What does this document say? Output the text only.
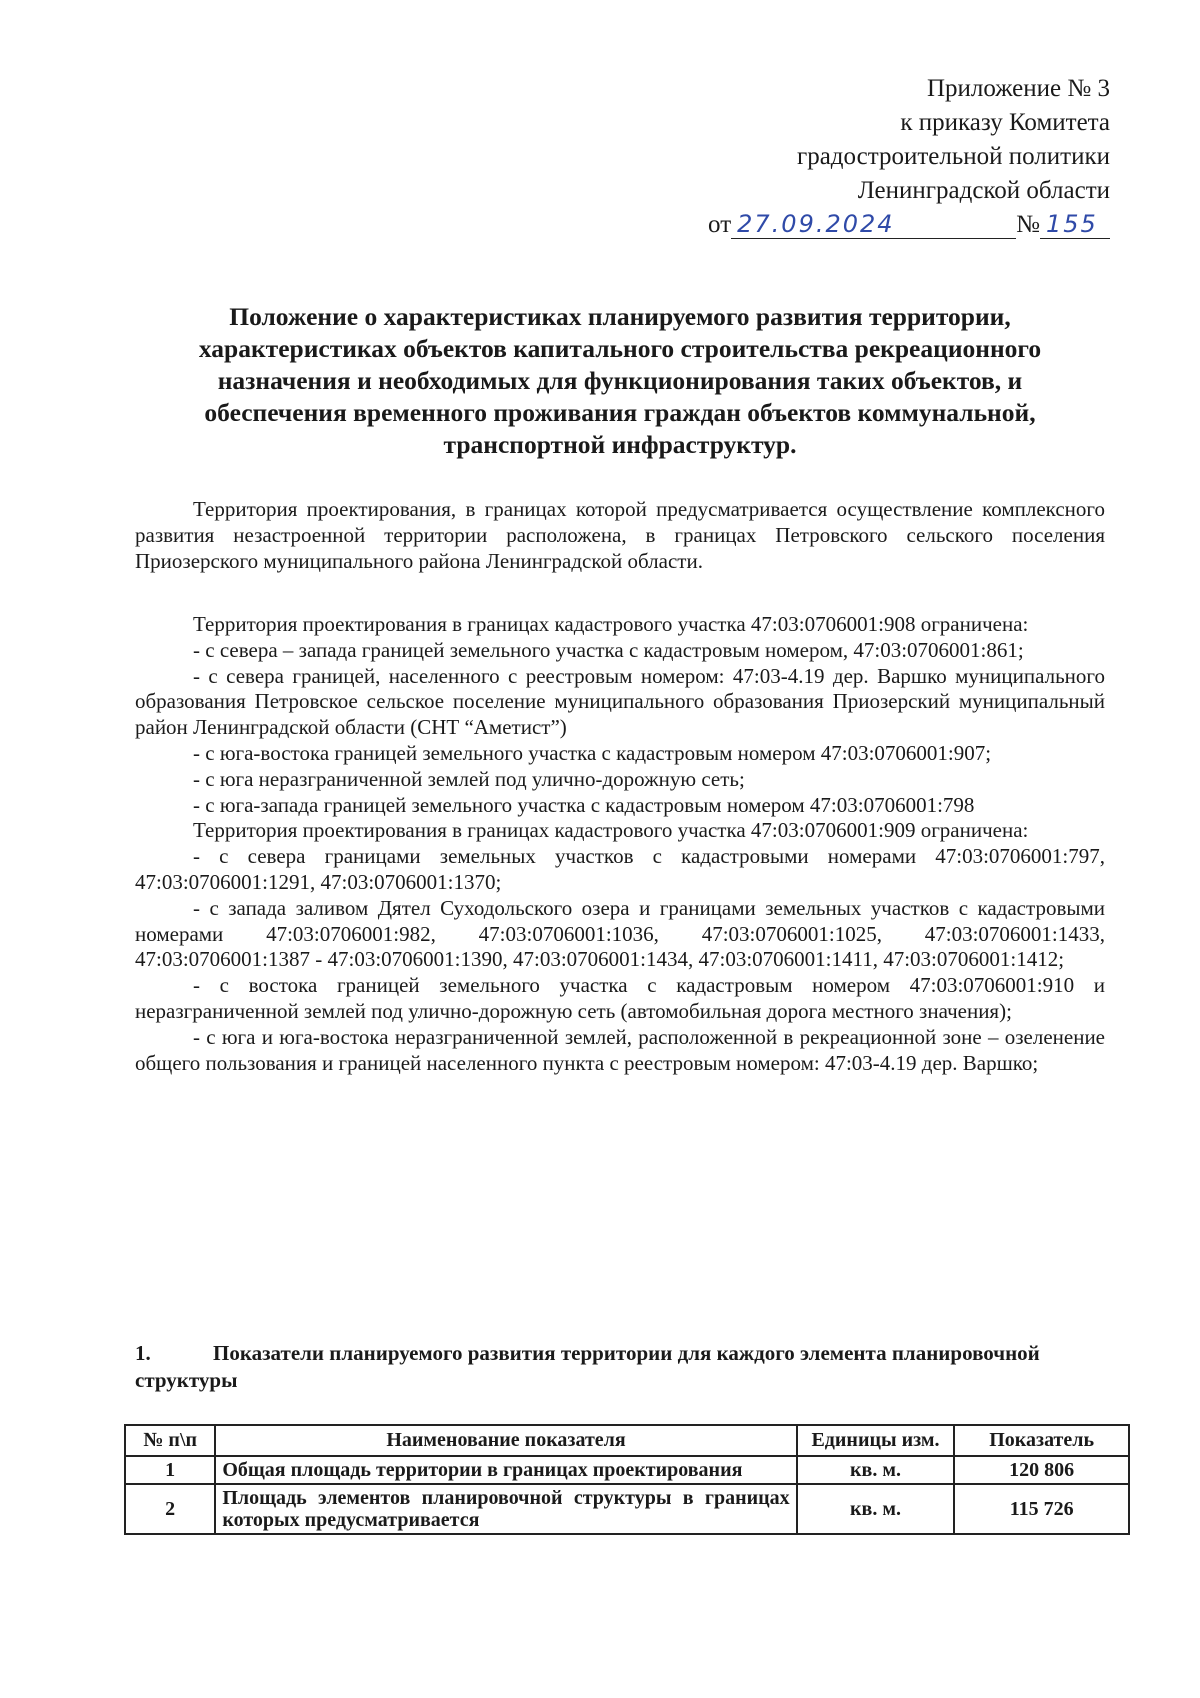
Приложение № 3
к приказу Комитета
градостроительной политики
Ленинградской области
от 27.09.2024	№ 155
Положение о характеристиках планируемого развития территории,
характеристиках объектов капитального строительства рекреационного
назначения и необходимых для функционирования таких объектов, и
обеспечения временного проживания граждан объектов коммунальной,
транспортной инфраструктур.

Территория проектирования, в границах которой предусматривается осуществление комплексного развития незастроенной территории расположена, в границах Петровского сельского поселения Приозерского муниципального района Ленинградской области.

Территория проектирования в границах кадастрового участка 47:03:0706001:908 ограничена:

- с севера – запада границей земельного участка с кадастровым номером, 47:03:0706001:861;

- с севера границей, населенного с реестровым номером: 47:03-4.19 дер. Варшко муниципального образования Петровское сельское поселение муниципального образования Приозерский муниципальный район Ленинградской области (СНТ “Аметист”)

- с юга-востока границей земельного участка с кадастровым номером 47:03:0706001:907;

- с юга неразграниченной землей под улично-дорожную сеть;

- с юга-запада границей земельного участка с кадастровым номером 47:03:0706001:798

Территория проектирования в границах кадастрового участка 47:03:0706001:909 ограничена:

- с севера границами земельных участков с кадастровыми номерами 47:03:0706001:797, 47:03:0706001:1291, 47:03:0706001:1370;

- с запада заливом Дятел Суходольского озера и границами земельных участков с кадастровыми номерами 47:03:0706001:982, 47:03:0706001:1036, 47:03:0706001:1025, 47:03:0706001:1433, 47:03:0706001:1387 - 47:03:0706001:1390, 47:03:0706001:1434, 47:03:0706001:1411, 47:03:0706001:1412;

- с востока границей земельного участка с кадастровым номером 47:03:0706001:910 и неразграниченной землей под улично-дорожную сеть (автомобильная дорога местного значения);

- с юга и юга-востока неразграниченной землей, расположенной в рекреационной зоне – озеленение общего пользования и границей населенного пункта с реестровым номером: 47:03-4.19 дер. Варшко;

1.	Показатели планируемого развития территории для каждого элемента планировочной структуры
№ п\п	Наименование показателя	Единицы изм.	Показатель
1	Общая площадь территории в границах проектирования	кв. м.	120 806
2	Площадь элементов планировочной структуры в границах которых предусматривается	кв. м.	115 726
